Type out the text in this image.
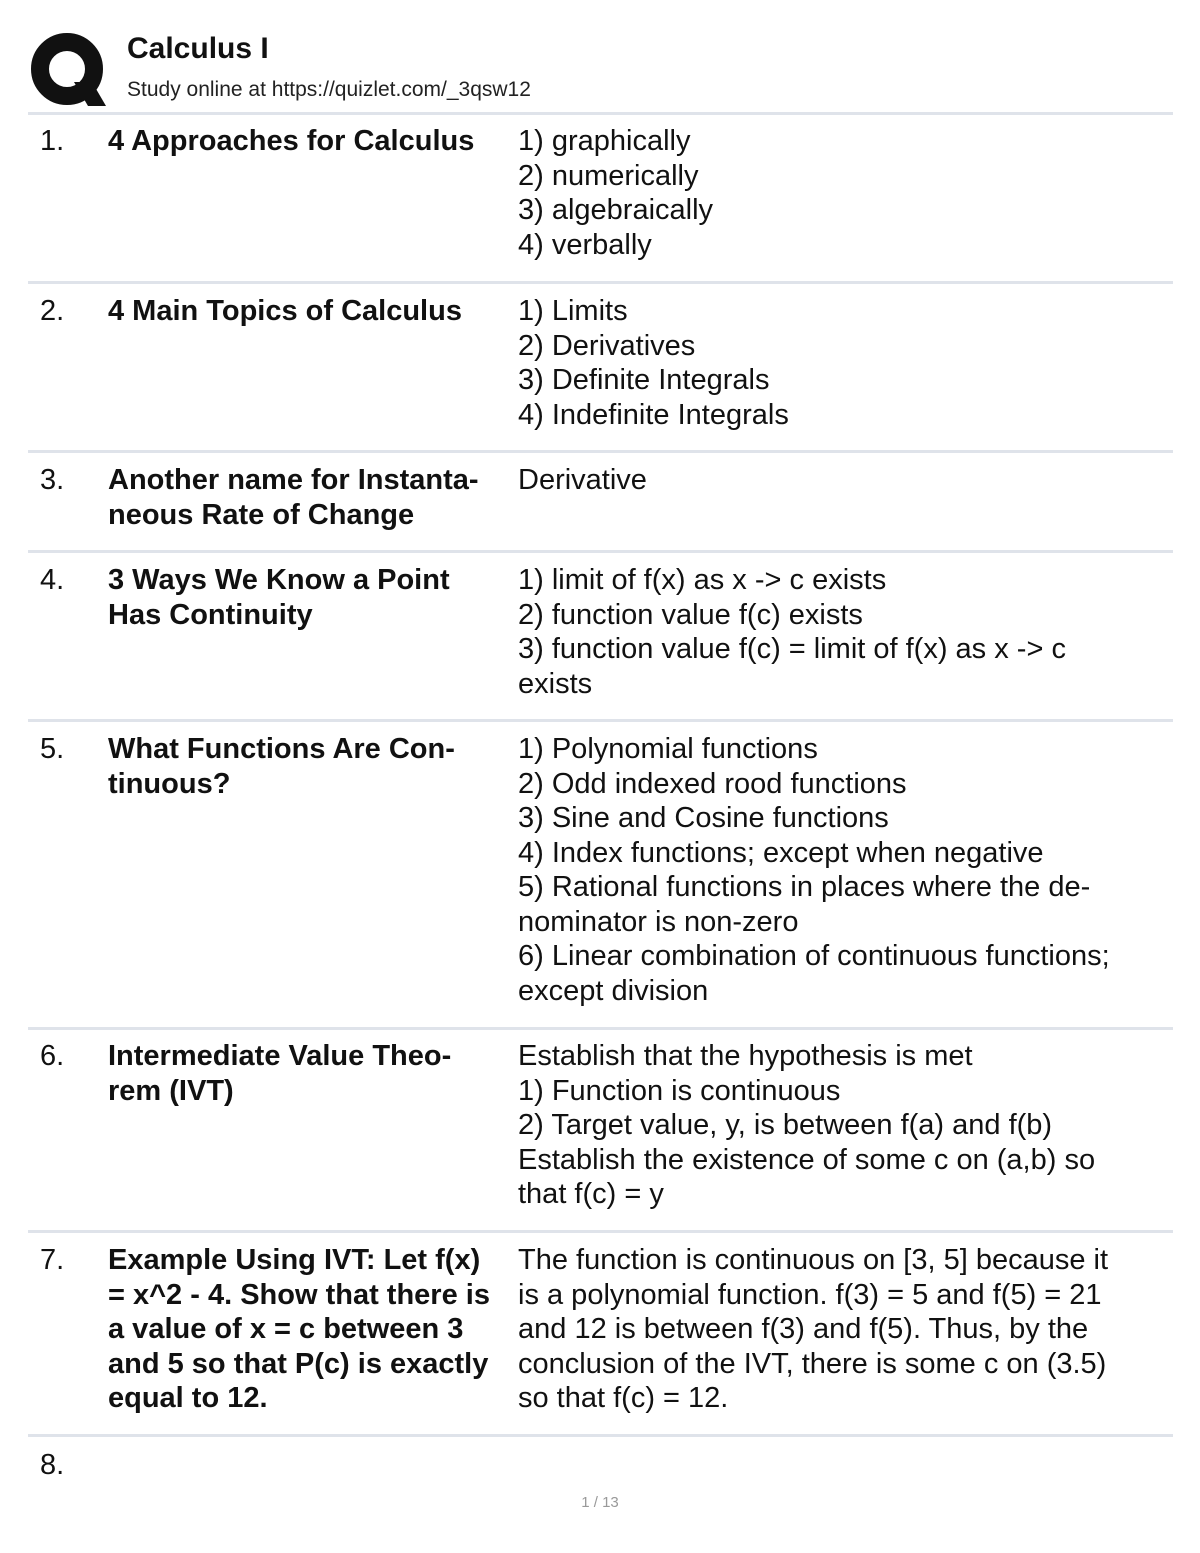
Calculus I
Study online at https://quizlet.com/_3qsw12
1. 4 Approaches for Calculus	1) graphically
2) numerically
3) algebraically
4) verbally
2. 4 Main Topics of Calculus	1) Limits
2) Derivatives
3) Definite Integrals
4) Indefinite Integrals
3. Another name for Instanta-
neous Rate of Change
Derivative
4. 3 Ways We Know a Point
Has Continuity
1) limit of f(x) as x -> c exists
2) function value f(c) exists
3) function value f(c) = limit of f(x) as x -> c
exists
5. What Functions Are Con-
tinuous?
1) Polynomial functions
2) Odd indexed rood functions
3) Sine and Cosine functions
4) Index functions; except when negative
5) Rational functions in places where the de-
nominator is non-zero
6) Linear combination of continuous functions;
except division
6. Intermediate Value Theo-
rem (IVT)
Establish that the hypothesis is met
1) Function is continuous
2) Target value, y, is between f(a) and f(b)
Establish the existence of some c on (a,b) so
that f(c) = y
7. Example Using IVT: Let f(x)
= x^2 - 4. Show that there is
a value of x = c between 3
and 5 so that P(c) is exactly
equal to 12.
The function is continuous on [3, 5] because it
is a polynomial function. f(3) = 5 and f(5) = 21
and 12 is between f(3) and f(5). Thus, by the
conclusion of the IVT, there is some c on (3.5)
so that f(c) = 12.
8.
1 / 13
